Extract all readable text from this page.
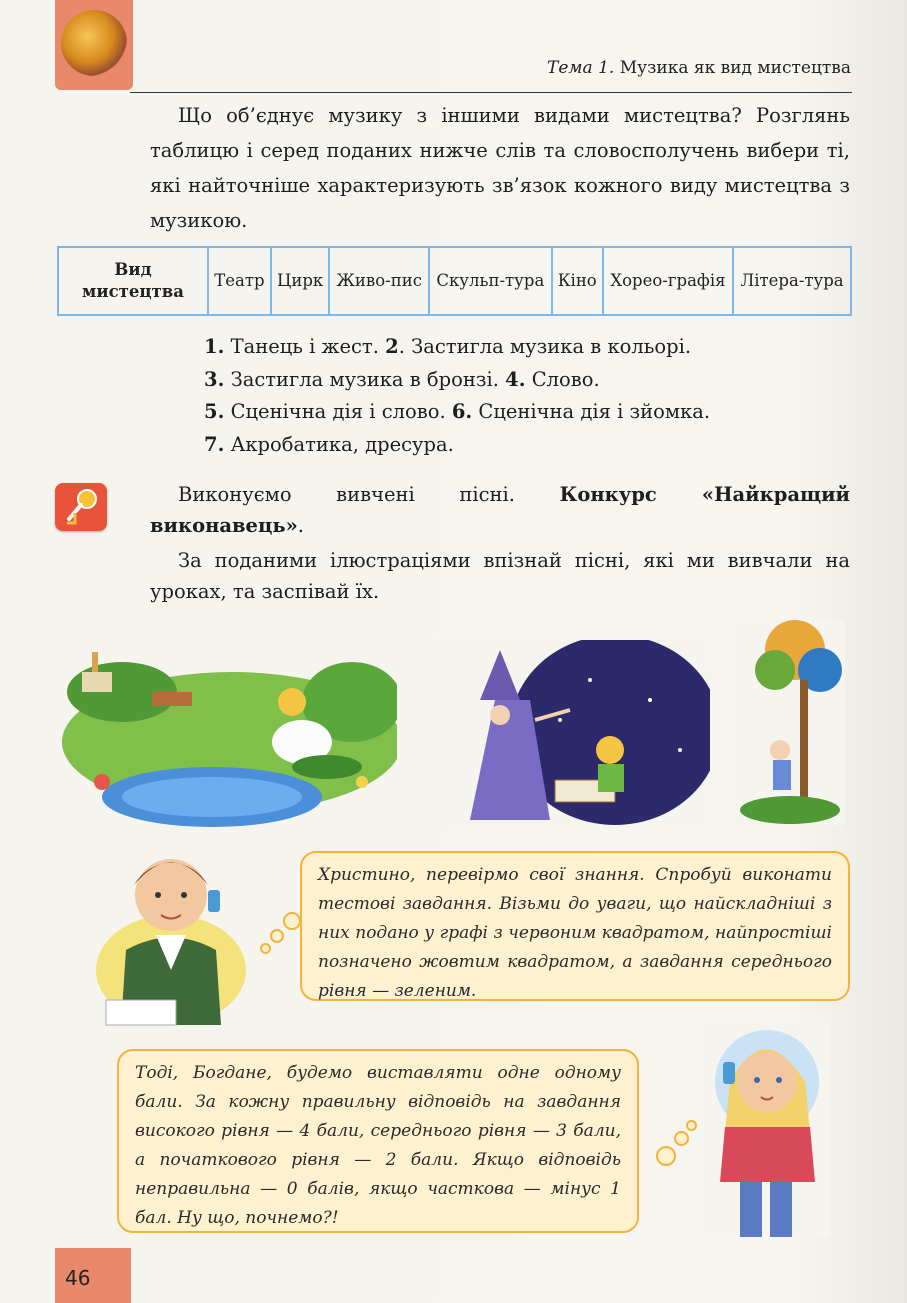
Тема 1. Музика як вид мистецтва

Що об’єднує музику з іншими видами мистецтва? Розглянь таблицю і серед поданих нижче слів та словосполучень вибери ті, які найточніше характеризують зв’язок кожного виду мистецтва з музикою.

Вид мистецтва	Театр	Цирк	Живо-пис	Скульп-тура	Кіно	Хорео-графія	Літера-тура
1. Танець і жест. 2. Застигла музика в кольорі.
3. Застигла музика в бронзі. 4. Слово.
5. Сценічна дія і слово. 6. Сценічна дія і зйомка.
7. Акробатика, дресура.

Виконуємо вивчені пісні. Конкурс «Найкращий виконавець».

За поданими ілюстраціями впізнай пісні, які ми вивчали на уроках, та заспівай їх.

Христино, перевірмо свої знання. Спробуй виконати тестові завдання. Візьми до уваги, що найскладніші з них подано у графі з червоним квадратом, найпростіші позначено жовтим квадратом, а завдання середнього рівня — зеленим.
Тоді, Богдане, будемо виставляти одне одному бали. За кожну правильну відповідь на завдання високого рівня — 4 бали, середнього рівня — 3 бали, а початкового рівня — 2 бали. Якщо відповідь неправильна — 0 балів, якщо часткова — мінус 1 бал. Ну що, почнемо?!
46
